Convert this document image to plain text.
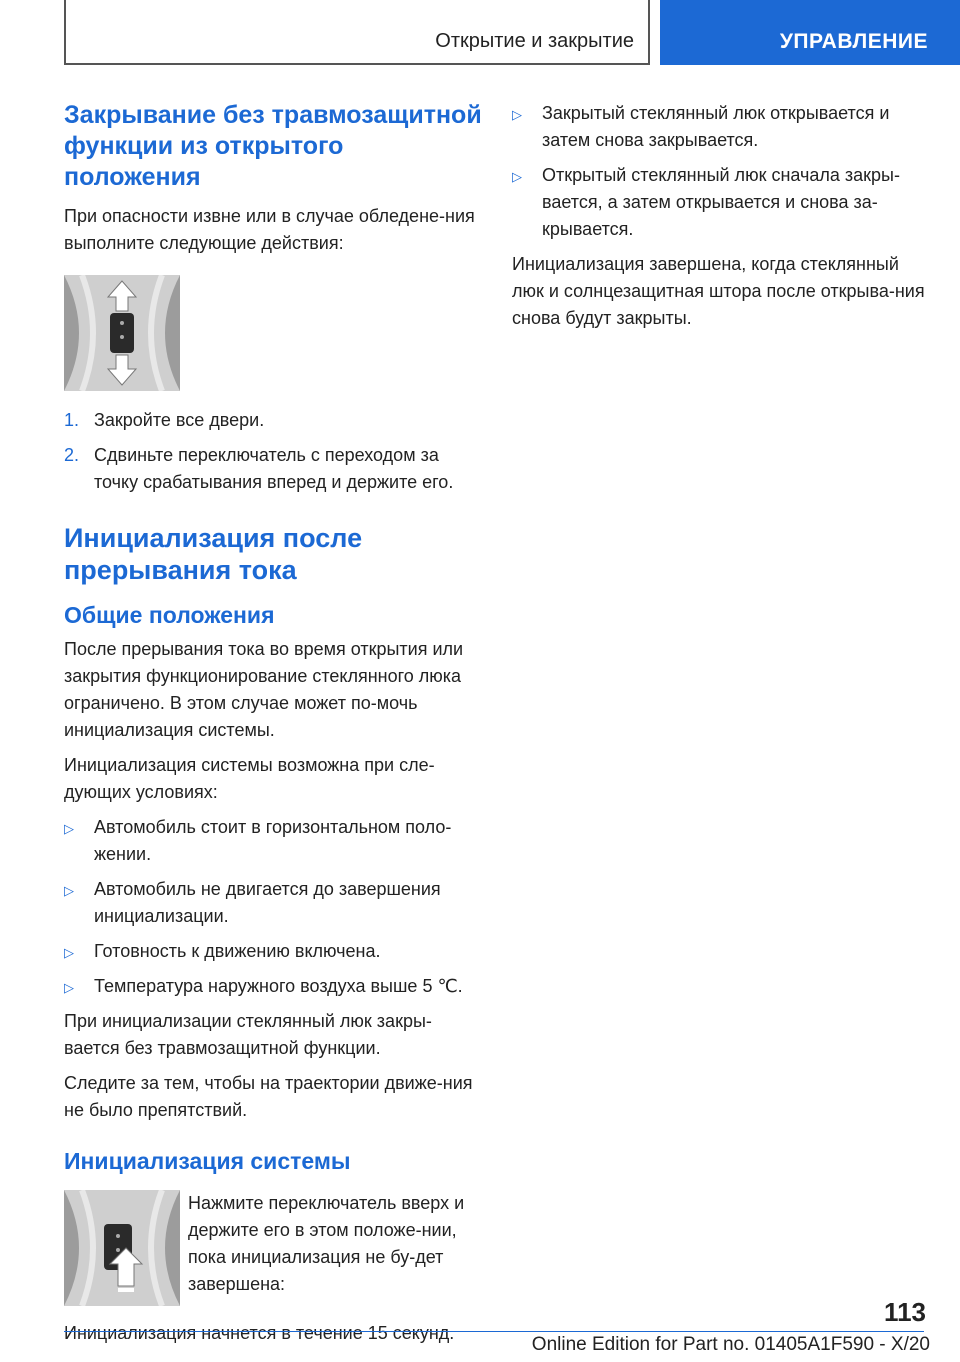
Открытие и закрытие	УПРАВЛЕНИЕ
Закрывание без травмозащитной функции из открытого положения

При опасности извне или в случае обледене-ния выполните следующие действия:

1. Закройте все двери.
2. Сдвиньте переключатель с переходом за точку срабатывания вперед и держите его.
Инициализация после прерывания тока
Общие положения

После прерывания тока во время открытия или закрытия функционирование стеклянного люка ограничено. В этом случае может по-мочь инициализация системы.

Инициализация системы возможна при сле-дующих условиях:

▷ Автомобиль стоит в горизонтальном поло-жении.
▷ Автомобиль не двигается до завершения инициализации.
▷ Готовность к движению включена.
▷ Температура наружного воздуха выше 5 ℃.

При инициализации стеклянный люк закры-вается без травмозащитной функции.

Следите за тем, чтобы на траектории движе-ния не было препятствий.

Инициализация системы

Нажмите переключатель вверх и держите его в этом положе-нии, пока инициализация не бу-дет завершена:

Инициализация начнется в течение 15 секунд.

▷ Закрытый стеклянный люк открывается и затем снова закрывается.
▷ Открытый стеклянный люк сначала закры-вается, а затем открывается и снова за-крывается.

Инициализация завершена, когда стеклянный люк и солнцезащитная штора после открыва-ния снова будут закрыты.

113
Online Edition for Part no. 01405A1F590 - X/20
